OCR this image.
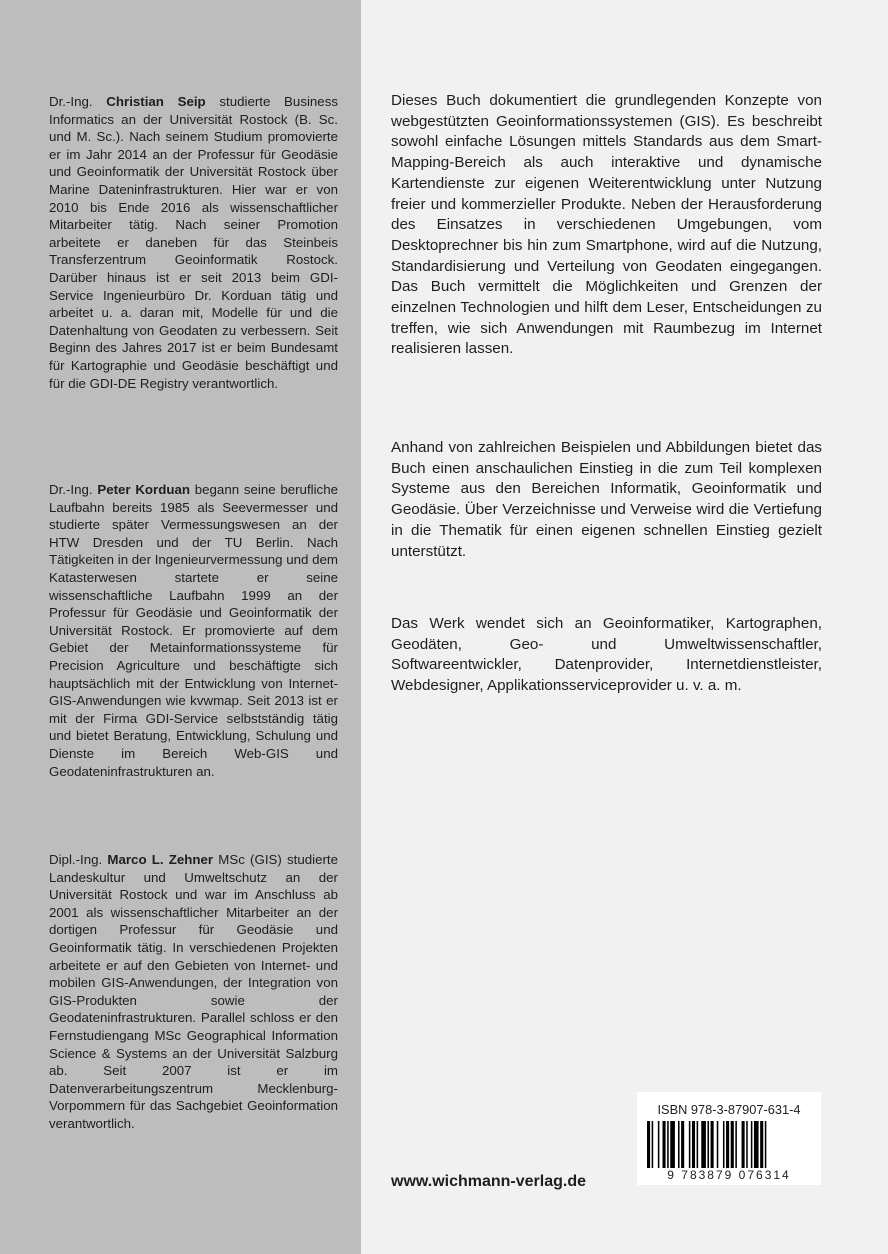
Dr.-Ing. Christian Seip studierte Business Informatics an der Universität Rostock (B. Sc. und M. Sc.). Nach seinem Studium promovierte er im Jahr 2014 an der Professur für Geodäsie und Geoinformatik der Universität Rostock über Marine Dateninfrastrukturen. Hier war er von 2010 bis Ende 2016 als wissenschaftlicher Mitarbeiter tätig. Nach seiner Promotion arbeitete er daneben für das Steinbeis Transferzentrum Geoinformatik Rostock. Darüber hinaus ist er seit 2013 beim GDI-Service Ingenieurbüro Dr. Korduan tätig und arbeitet u. a. daran mit, Modelle für und die Datenhaltung von Geodaten zu verbessern. Seit Beginn des Jahres 2017 ist er beim Bundesamt für Kartographie und Geodäsie beschäftigt und für die GDI-DE Registry verantwortlich.

Dr.-Ing. Peter Korduan begann seine berufliche Laufbahn bereits 1985 als Seevermesser und studierte später Vermessungswesen an der HTW Dresden und der TU Berlin. Nach Tätigkeiten in der Ingenieurvermessung und dem Katasterwesen startete er seine wissenschaftliche Laufbahn 1999 an der Professur für Geodäsie und Geoinformatik der Universität Rostock. Er promovierte auf dem Gebiet der Metainformationssysteme für Precision Agriculture und beschäftigte sich hauptsächlich mit der Entwicklung von Internet-GIS-Anwendungen wie kvwmap. Seit 2013 ist er mit der Firma GDI-Service selbstständig tätig und bietet Beratung, Entwicklung, Schulung und Dienste im Bereich Web-GIS und Geodateninfrastrukturen an.

Dipl.-Ing. Marco L. Zehner MSc (GIS) studierte Landeskultur und Umweltschutz an der Universität Rostock und war im Anschluss ab 2001 als wissenschaftlicher Mitarbeiter an der dortigen Professur für Geodäsie und Geoinformatik tätig. In verschiedenen Projekten arbeitete er auf den Gebieten von Internet- und mobilen GIS-Anwendungen, der Integration von GIS-Produkten sowie der Geodateninfrastrukturen. Parallel schloss er den Fernstudiengang MSc Geographical Information Science & Systems an der Universität Salzburg ab. Seit 2007 ist er im Datenverarbeitungszentrum Mecklenburg-Vorpommern für das Sachgebiet Geoinformation verantwortlich.

Dieses Buch dokumentiert die grundlegenden Konzepte von webgestützten Geoinformationssystemen (GIS). Es beschreibt sowohl einfache Lösungen mittels Standards aus dem Smart-Mapping-Bereich als auch interaktive und dynamische Kartendienste zur eigenen Weiterentwicklung unter Nutzung freier und kommerzieller Produkte. Neben der Herausforderung des Einsatzes in verschiedenen Umgebungen, vom Desktoprechner bis hin zum Smartphone, wird auf die Nutzung, Standardisierung und Verteilung von Geodaten eingegangen. Das Buch vermittelt die Möglichkeiten und Grenzen der einzelnen Technologien und hilft dem Leser, Entscheidungen zu treffen, wie sich Anwendungen mit Raumbezug im Internet realisieren lassen.

Anhand von zahlreichen Beispielen und Abbildungen bietet das Buch einen anschaulichen Einstieg in die zum Teil komplexen Systeme aus den Bereichen Informatik, Geoinformatik und Geodäsie. Über Verzeichnisse und Verweise wird die Vertiefung in die Thematik für einen eigenen schnellen Einstieg gezielt unterstützt.

Das Werk wendet sich an Geoinformatiker, Kartographen, Geodäten, Geo- und Umweltwissenschaftler, Softwareentwickler, Datenprovider, Internetdienstleister, Webdesigner, Applikationsserviceprovider u. v. a. m.

ISBN 978-3-87907-631-4
9 783879 076314
www.wichmann-verlag.de
